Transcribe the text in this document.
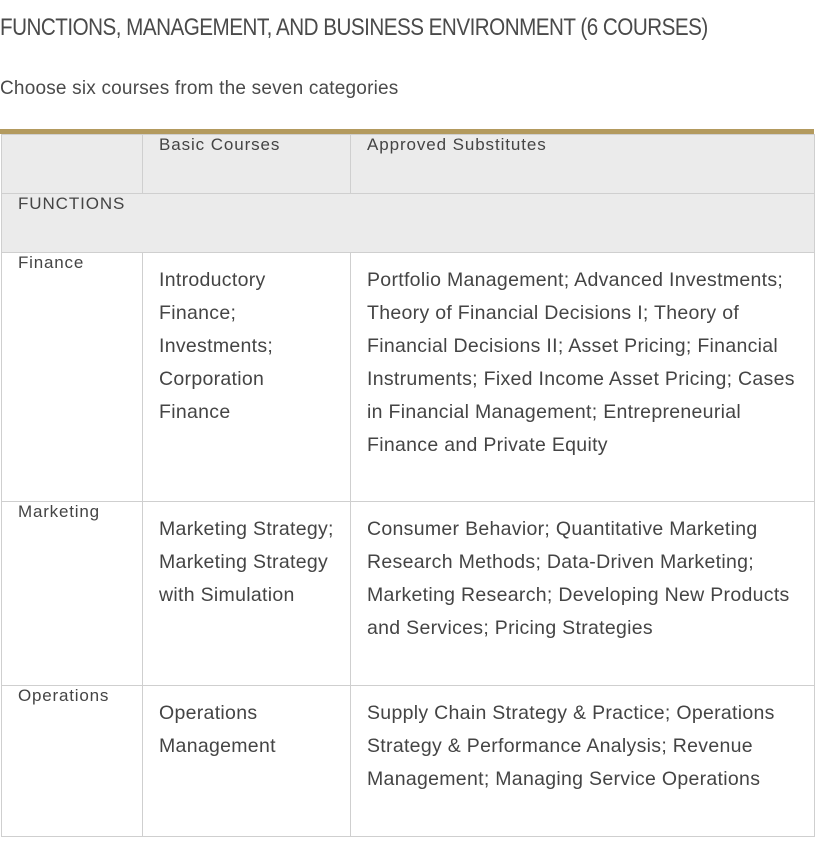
FUNCTIONS, MANAGEMENT, AND BUSINESS ENVIRONMENT (6 COURSES)

Choose six courses from the seven categories

	Basic Courses	Approved Substitutes
FUNCTIONS		
Finance	Introductory Finance; Investments; Corporation Finance	Portfolio Management; Advanced Investments; Theory of Financial Decisions I; Theory of Financial Decisions II; Asset Pricing; Financial Instruments; Fixed Income Asset Pricing; Cases in Financial Management; Entrepreneurial Finance and Private Equity
Marketing	Marketing Strategy; Marketing Strategy with Simulation	Consumer Behavior; Quantitative Marketing Research Methods; Data-Driven Marketing; Marketing Research; Developing New Products and Services; Pricing Strategies
Operations	Operations Management	Supply Chain Strategy & Practice; Operations Strategy & Performance Analysis; Revenue Management; Managing Service Operations
